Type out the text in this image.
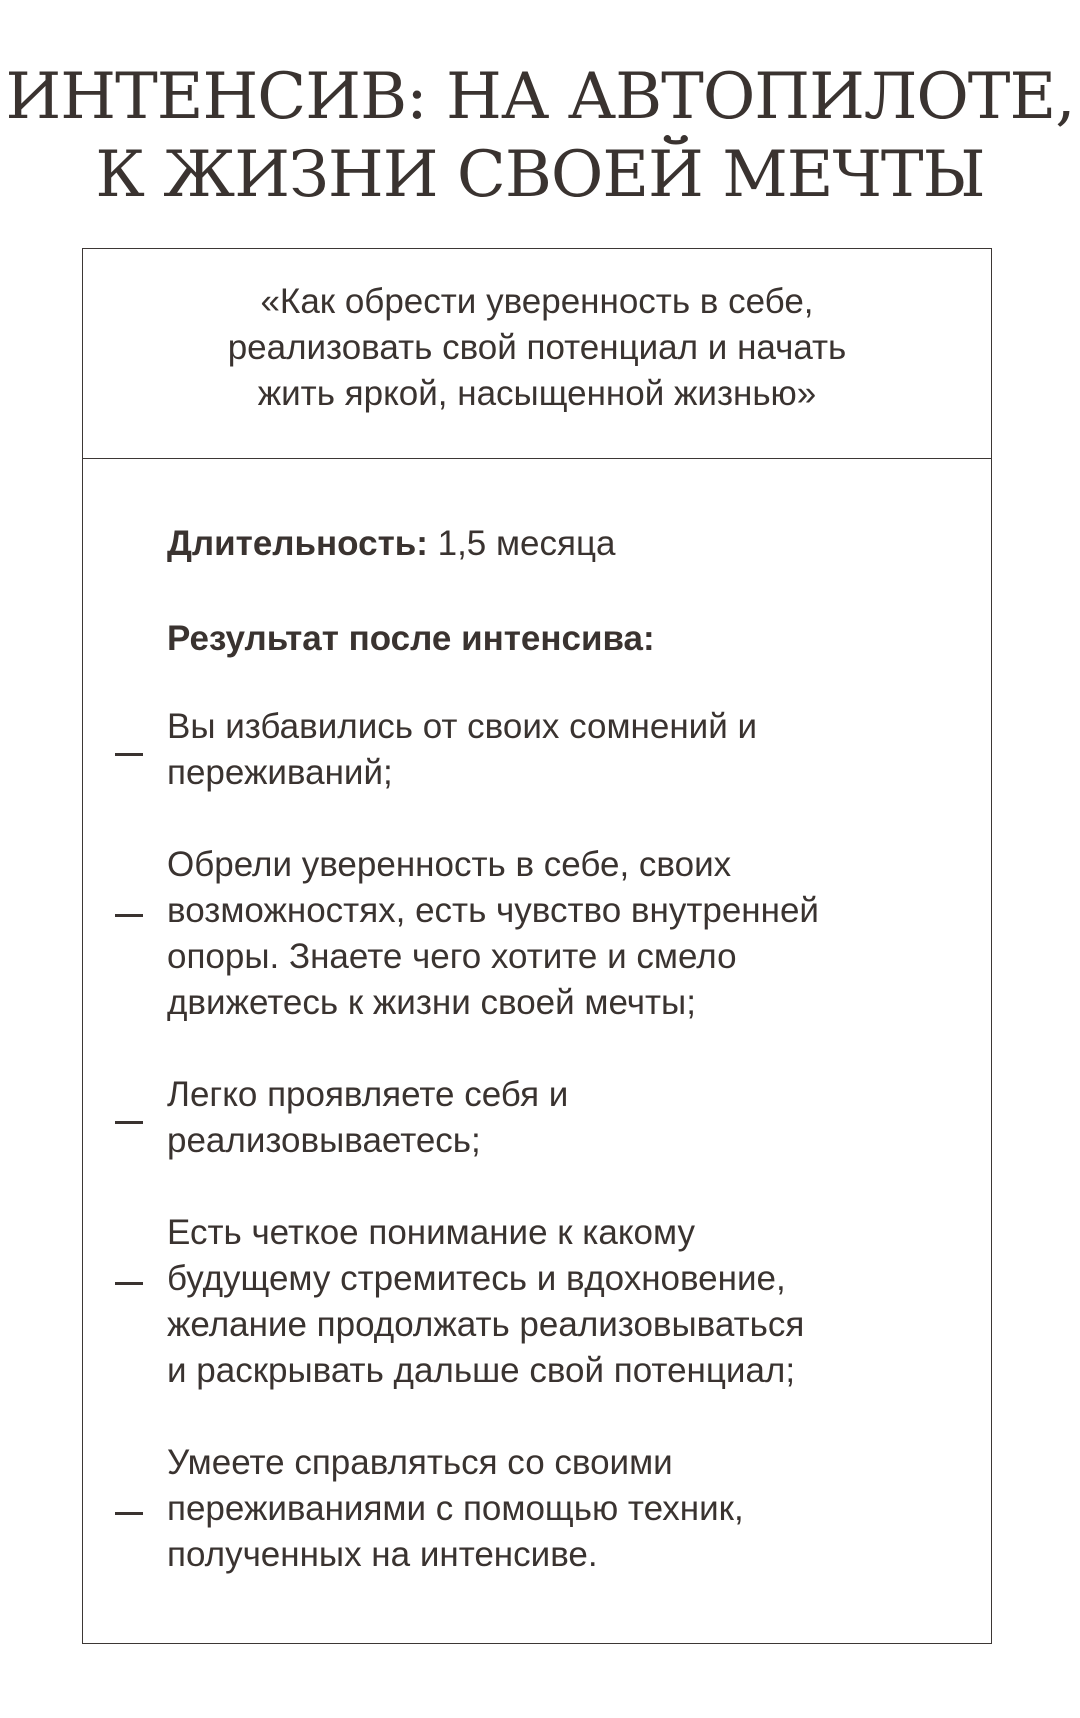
ИНТЕНСИВ: НА АВТОПИЛОТЕ,
К ЖИЗНИ СВОЕЙ МЕЧТЫ

«Как обрести уверенность в себе,
реализовать свой потенциал и начать
жить яркой, насыщенной жизнью»

Длительность: 1,5 месяца
Результат после интенсива:
Вы избавились от своих сомнений и
переживаний;
Обрели уверенность в себе, своих
возможностях, есть чувство внутренней
опоры. Знаете чего хотите и смело
движетесь к жизни своей мечты;
Легко проявляете себя и
реализовываетесь;
Есть четкое понимание к какому
будущему стремитесь и вдохновение,
желание продолжать реализовываться
и раскрывать дальше свой потенциал;
Умеете справляться со своими
переживаниями с помощью техник,
полученных на интенсиве.
